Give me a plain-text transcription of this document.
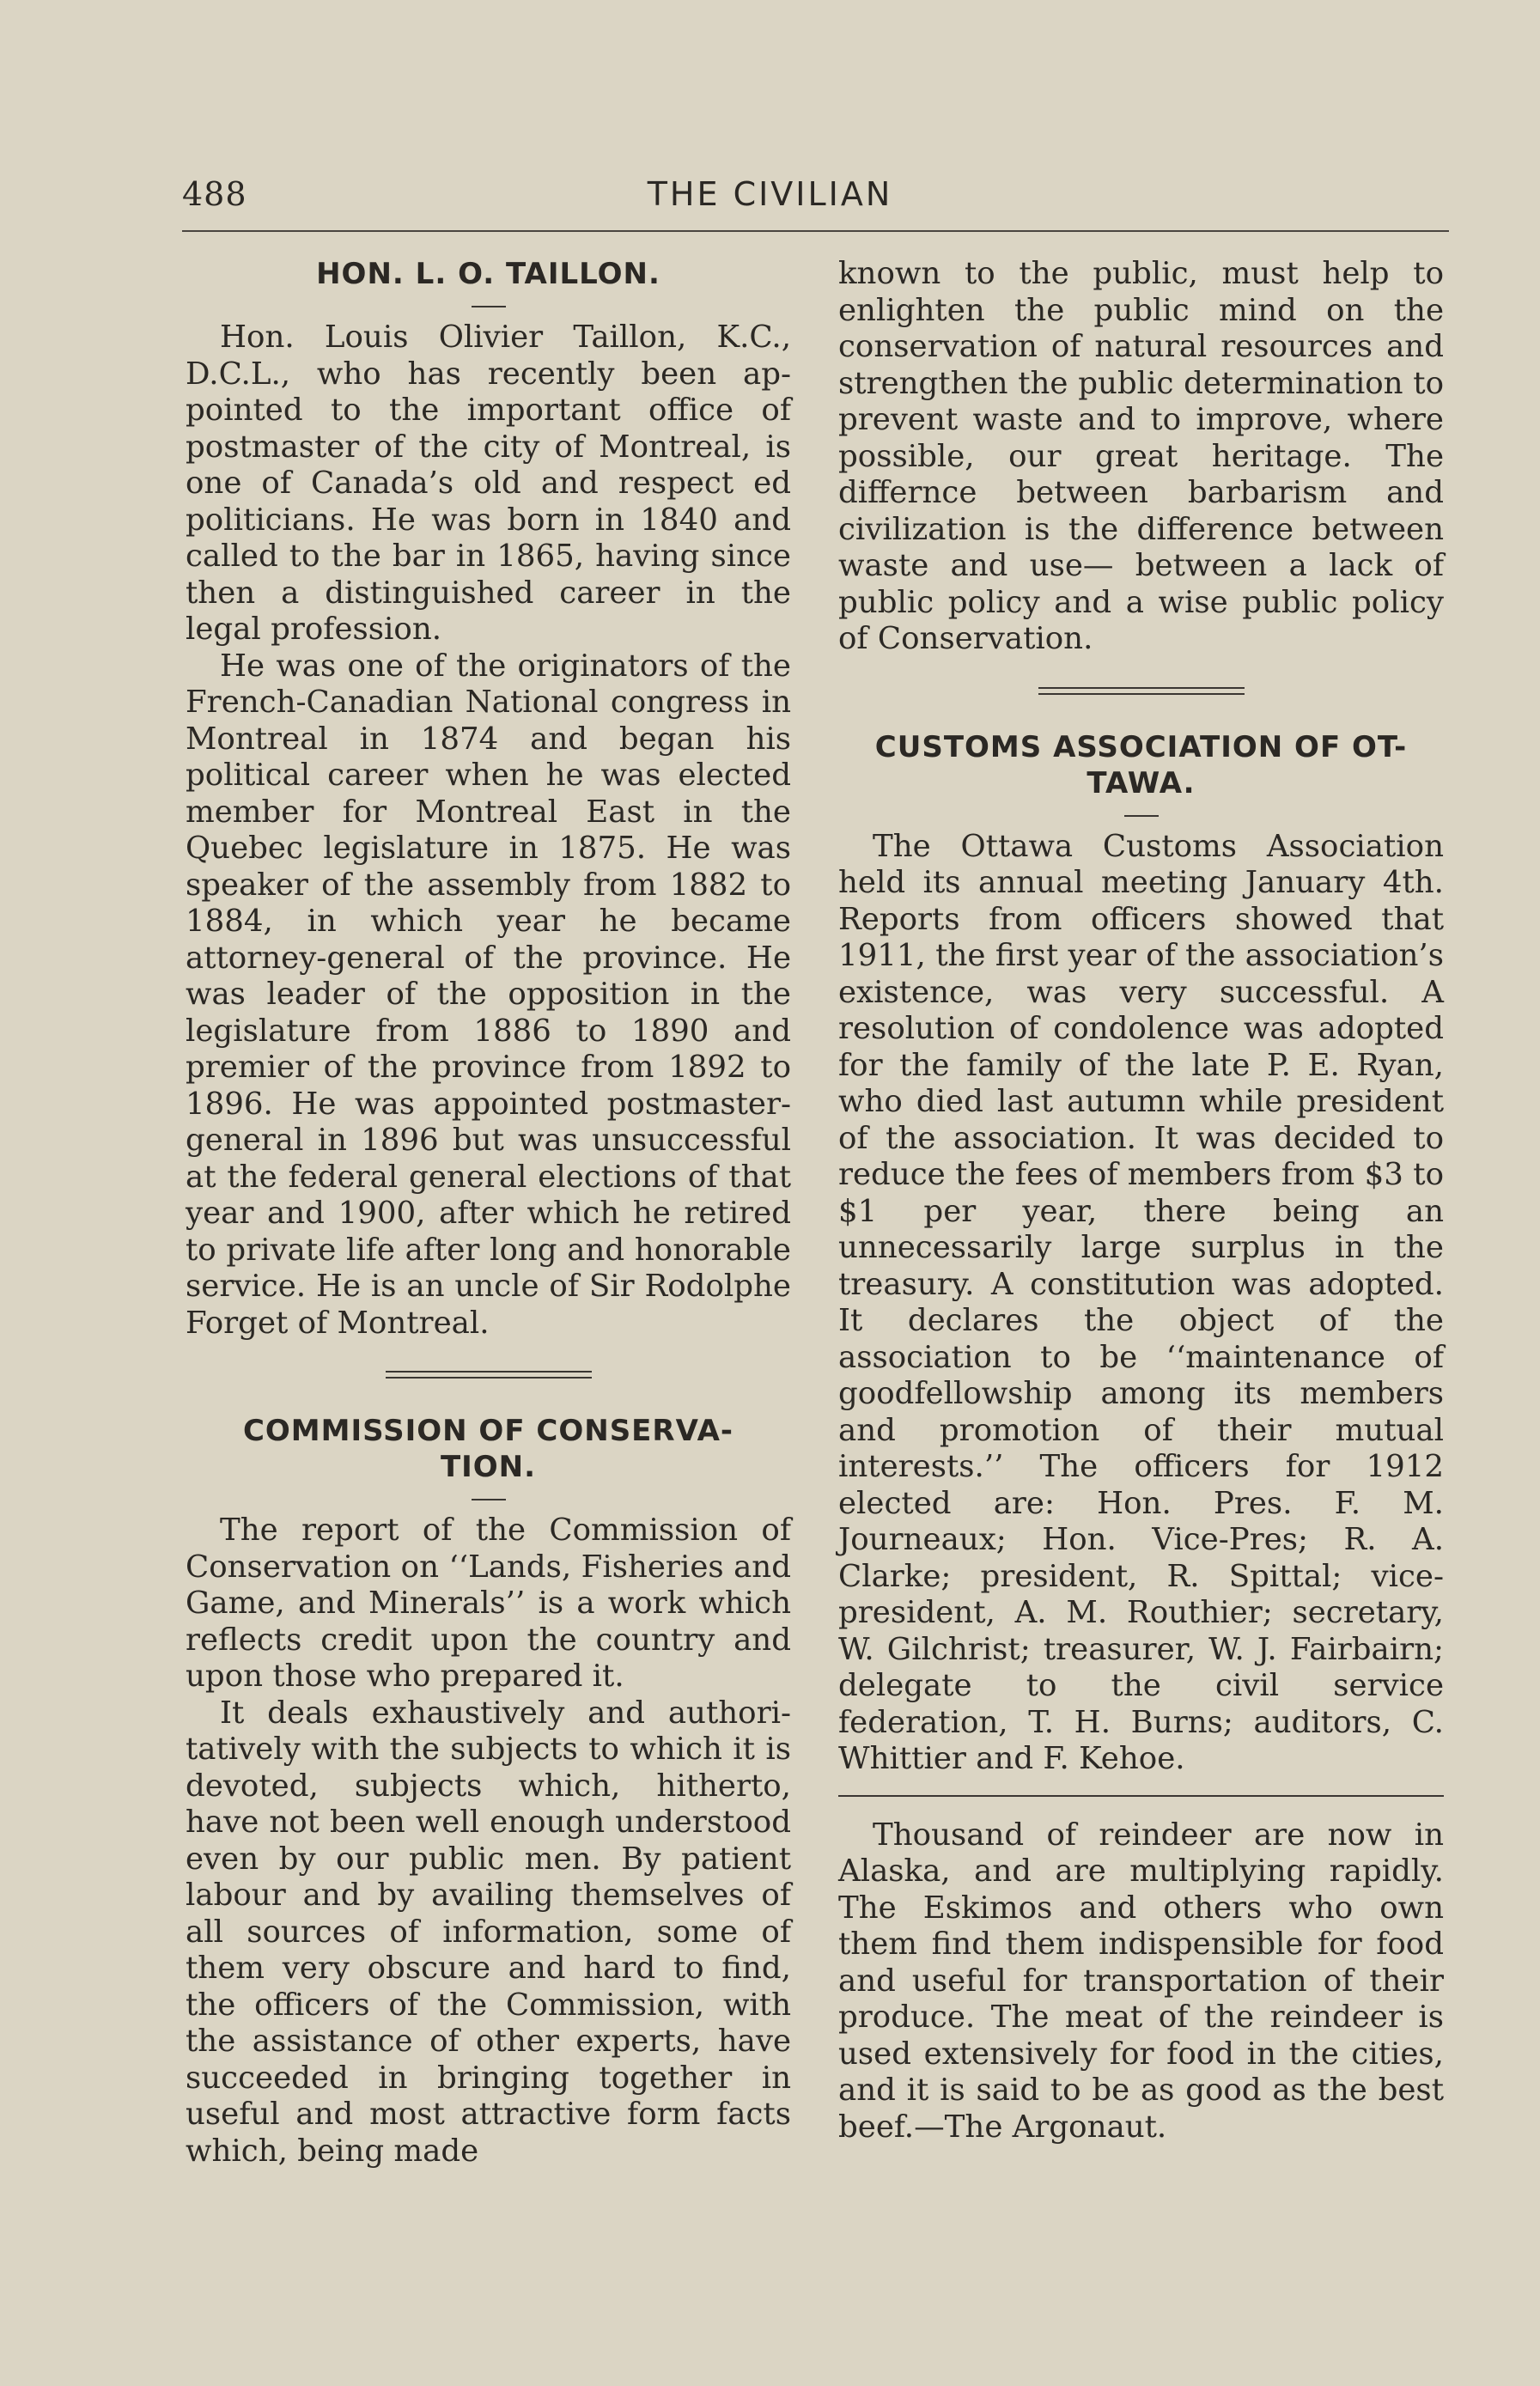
488	THE CIVILIAN
HON. L. O. TAILLON.

Hon. Louis Olivier Taillon, K.C., D.C.L., who has recently been appointed to the important office of postmaster of the city of Montreal, is one of Canada’s old and respect ed politicians. He was born in 1840 and called to the bar in 1865, having since then a distinguished career in the legal profession.

He was one of the originators of the French-Canadian National congress in Montreal in 1874 and began his political career when he was elected member for Montreal East in the Quebec legislature in 1875. He was speaker of the assembly from 1882 to 1884, in which year he became attorney-general of the province. He was leader of the opposition in the legislature from 1886 to 1890 and premier of the province from 1892 to 1896. He was appointed postmaster-general in 1896 but was unsuccessful at the federal general elections of that year and 1900, after which he retired to private life after long and honorable service. He is an uncle of Sir Rodolphe Forget of Montreal.

COMMISSION OF CONSERVA-
TION.

The report of the Commission of Conservation on ‘‘Lands, Fisheries and Game, and Minerals’’ is a work which reflects credit upon the country and upon those who prepared it.

It deals exhaustively and authoritatively with the subjects to which it is devoted, subjects which, hitherto, have not been well enough understood even by our public men. By patient labour and by availing themselves of all sources of information, some of them very obscure and hard to find, the officers of the Commission, with the assistance of other experts, have succeeded in bringing together in useful and most attractive form facts which, being made

known to the public, must help to enlighten the public mind on the conservation of natural resources and strengthen the public determination to prevent waste and to improve, where possible, our great heritage. The differnce between barbarism and civilization is the difference between waste and use— between a lack of public policy and a wise public policy of Conservation.

CUSTOMS ASSOCIATION OF OT-
TAWA.

The Ottawa Customs Association held its annual meeting January 4th. Reports from officers showed that 1911, the first year of the association’s existence, was very successful. A resolution of condolence was adopted for the family of the late P. E. Ryan, who died last autumn while president of the association. It was decided to reduce the fees of members from $3 to $1 per year, there being an unnecessarily large surplus in the treasury. A constitution was adopted. It declares the object of the association to be ‘‘maintenance of goodfellowship among its members and promotion of their mutual interests.’’ The officers for 1912 elected are: Hon. Pres. F. M. Journeaux; Hon. Vice-Pres; R. A. Clarke; president, R. Spittal; vice-president, A. M. Routhier; secretary, W. Gilchrist; treasurer, W. J. Fairbairn; delegate to the civil service federation, T. H. Burns; auditors, C. Whittier and F. Kehoe.

Thousand of reindeer are now in Alaska, and are multiplying rapidly. The Eskimos and others who own them find them indispensible for food and useful for transportation of their produce. The meat of the reindeer is used extensively for food in the cities, and it is said to be as good as the best beef.—The Argonaut.
